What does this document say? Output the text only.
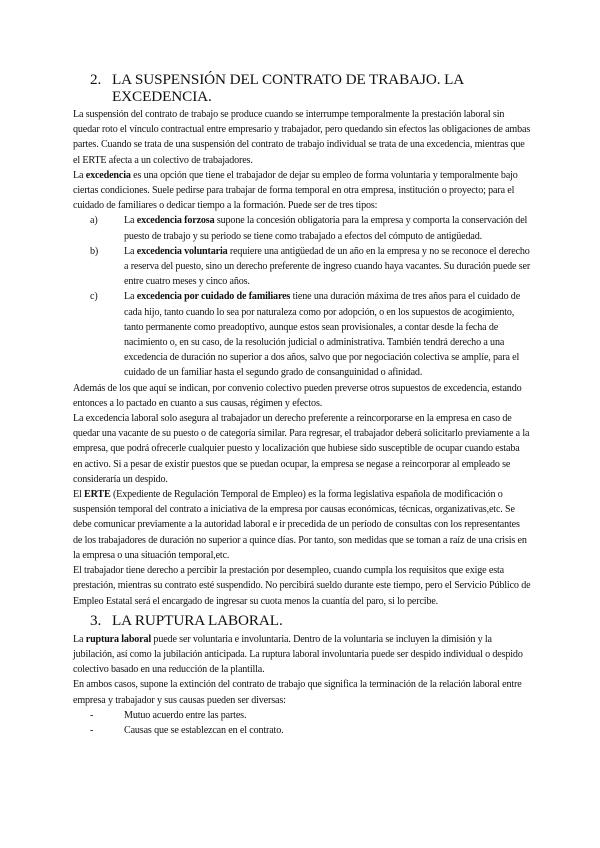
2. LA SUSPENSIÓN DEL CONTRATO DE TRABAJO. LA EXCEDENCIA.

La suspensión del contrato de trabajo se produce cuando se interrumpe temporalmente la prestación laboral sin quedar roto el vínculo contractual entre empresario y trabajador, pero quedando sin efectos las obligaciones de ambas partes. Cuando se trata de una suspensión del contrato de trabajo individual se trata de una excedencia, mientras que el ERTE afecta a un colectivo de trabajadores.

La excedencia es una opción que tiene el trabajador de dejar su empleo de forma voluntaria y temporalmente bajo ciertas condiciones. Suele pedirse para trabajar de forma temporal en otra empresa, institución o proyecto; para el cuidado de familiares o dedicar tiempo a la formación. Puede ser de tres tipos:

a)	La excedencia forzosa supone la concesión obligatoria para la empresa y comporta la conservación del puesto de trabajo y su periodo se tiene como trabajado a efectos del cómputo de antigüedad.
b)	La excedencia voluntaria requiere una antigüedad de un año en la empresa y no se reconoce el derecho a reserva del puesto, sino un derecho preferente de ingreso cuando haya vacantes. Su duración puede ser entre cuatro meses y cinco años.
c)	La excedencia por cuidado de familiares tiene una duración máxima de tres años para el cuidado de cada hijo, tanto cuando lo sea por naturaleza como por adopción, o en los supuestos de acogimiento, tanto permanente como preadoptivo, aunque estos sean provisionales, a contar desde la fecha de nacimiento o, en su caso, de la resolución judicial o administrativa. También tendrá derecho a una excedencia de duración no superior a dos años, salvo que por negociación colectiva se amplíe, para el cuidado de un familiar hasta el segundo grado de consanguinidad o afinidad.

Además de los que aquí se indican, por convenio colectivo pueden preverse otros supuestos de excedencia, estando entonces a lo pactado en cuanto a sus causas, régimen y efectos.

La excedencia laboral solo asegura al trabajador un derecho preferente a reincorporarse en la empresa en caso de quedar una vacante de su puesto o de categoría similar. Para regresar, el trabajador deberá solicitarlo previamente a la empresa, que podrá ofrecerle cualquier puesto y localización que hubiese sido susceptible de ocupar cuando estaba en activo. Si a pesar de existir puestos que se puedan ocupar, la empresa se negase a reincorporar al empleado se consideraría un despido.

El ERTE (Expediente de Regulación Temporal de Empleo) es la forma legislativa española de modificación o suspensión temporal del contrato a iniciativa de la empresa por causas económicas, técnicas, organizativas,etc. Se debe comunicar previamente a la autoridad laboral e ir precedida de un período de consultas con los representantes de los trabajadores de duración no superior a quince días. Por tanto, son medidas que se toman a raíz de una crisis en la empresa o una situación temporal,etc.

El trabajador tiene derecho a percibir la prestación por desempleo, cuando cumpla los requisitos que exige esta prestación, mientras su contrato esté suspendido. No percibirá sueldo durante este tiempo, pero el Servicio Público de Empleo Estatal será el encargado de ingresar su cuota menos la cuantía del paro, si lo percibe.

3. LA RUPTURA LABORAL.

La ruptura laboral puede ser voluntaria e involuntaria. Dentro de la voluntaria se incluyen la dimisión y la jubilación, así como la jubilación anticipada. La ruptura laboral involuntaria puede ser despido individual o despido colectivo basado en una reducción de la plantilla.

En ambos casos, supone la extinción del contrato de trabajo que significa la terminación de la relación laboral entre empresa y trabajador y sus causas pueden ser diversas:

-	Mutuo acuerdo entre las partes.
-	Causas que se establezcan en el contrato.
